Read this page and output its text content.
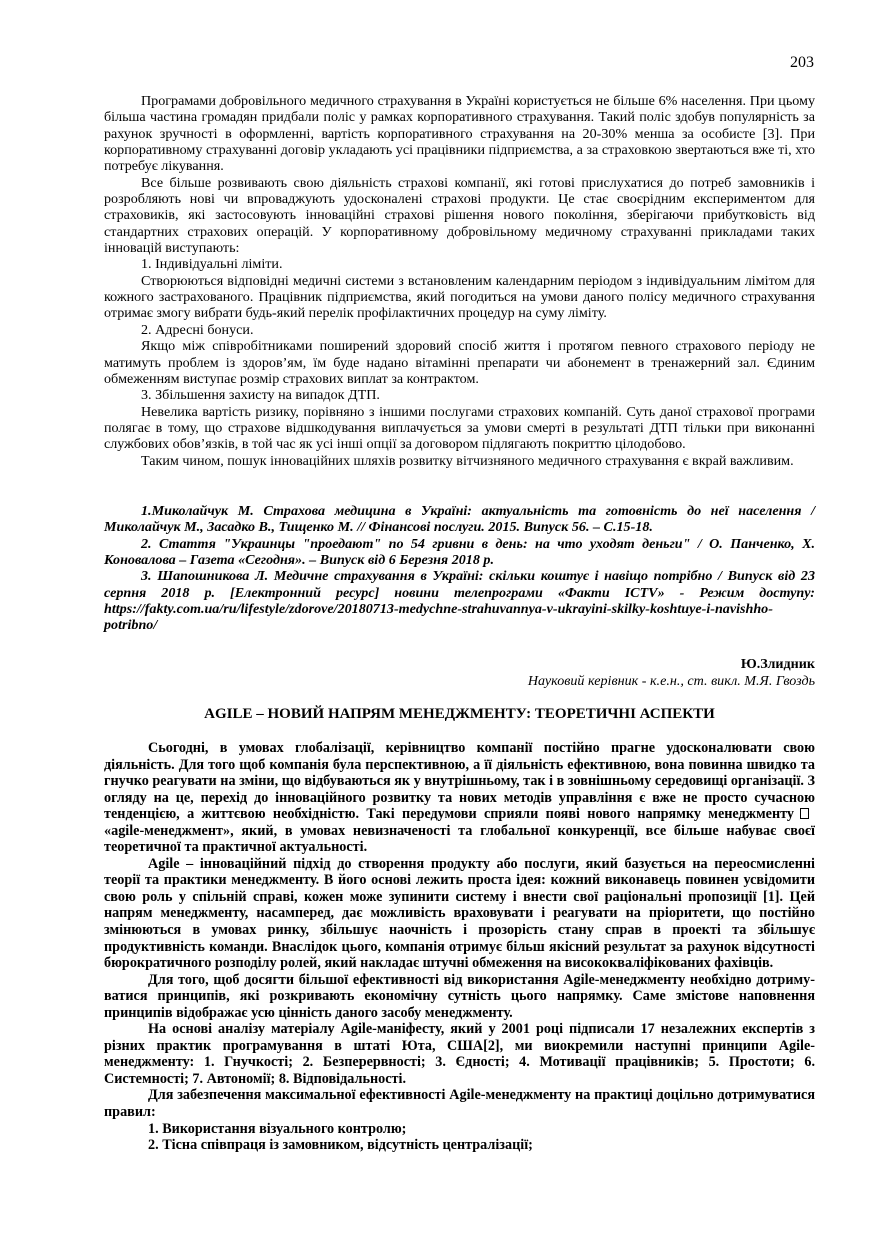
203

Програмами добровільного медичного страхування в Україні користується не більше 6% населення. При цьому більша частина громадян придбали поліс у рамках корпоративного страхування. Такий поліс здобув популярність за рахунок зручності в оформленні, вартість корпоративного страхування на 20-30% менша за особисте [3]. При корпоративному страхуванні договір укладають усі працівники підприємства, а за страховкою звертаються вже ті, хто потребує лікування.

Все більше розвивають свою діяльність страхові компанії, які готові прислухатися до потреб замовників і розробляють нові чи впроваджують удосконалені страхові продукти. Це стає своєрідним експериментом для страховиків, які застосовують інноваційні страхові рішення нового покоління, зберігаючи прибутковість від стандартних страхових операцій. У корпоративному добровільному медичному страхуванні прикладами таких інновацій виступають:

1. Індивідуальні ліміти.

Створюються відповідні медичні системи з встановленим календарним періодом з індивідуальним лімітом для кожного застрахованого. Працівник підприємства, який погодиться на умови даного полісу медичного страхування отримає змогу вибрати будь-який перелік профілактичних процедур на суму ліміту.

2. Адресні бонуси.

Якщо між співробітниками поширений здоровий спосіб життя і протягом певного страхового періоду не матимуть проблем із здоров’ям, їм буде надано вітамінні препарати чи абонемент в тренажерний зал. Єдиним обмеженням виступає розмір страхових виплат за контрактом.

3. Збільшення захисту на випадок ДТП.

Невелика вартість ризику, порівняно з іншими послугами страхових компаній. Суть даної страхової програми полягає в тому, що страхове відшкодування виплачується за умови смерті в результаті ДТП тільки при виконанні службових обов’язків, в той час як усі інші опції за договором підлягають покриттю цілодобово.

Таким чином, пошук інноваційних шляхів розвитку вітчизняного медичного страхування є вкрай важливим.

1.Миколайчук М. Страхова медицина в Україні: актуальність та готовність до неї населення / Миколайчук М., Засадко В., Тищенко М. // Фінансові послуги. 2015. Випуск 56. – С.15-18.

2. Стаття "Украинцы "проедают" по 54 гривни в день: на что уходят деньги" / О. Панченко, Х. Коновалова – Газета «Сегодня». – Випуск від 6 Березня 2018 р.

3. Шапошникова Л. Медичне страхування в Україні: скільки коштує і навіщо потрібно / Випуск від 23 серпня 2018 р. [Електронний ресурс] новини телепрограми «Факти ICTV» - Режим доступу: https://fakty.com.ua/ru/lifestyle/zdorove/20180713-medychne-strahuvannya-v-ukrayini-skilky-koshtuye-i-navishho-potribno/

Ю.Злидник
Науковий керівник - к.е.н., ст. викл. М.Я. Гвоздь
AGILE – НОВИЙ НАПРЯМ МЕНЕДЖМЕНТУ: ТЕОРЕТИЧНІ АСПЕКТИ

Сьогодні, в умовах глобалізації, керівництво компанії постійно прагне удосконалювати свою діяльність. Для того щоб компанія була перспективною, а її діяльність ефективною, вона повинна швидко та гнучко реагувати на зміни, що відбуваються як у внутрішньому, так і в зовнішньому середовищі організації. З огляду на це, перехід до інноваційного розвитку та нових методів управління є вже не просто сучасною тенденцією, а життєвою необхідністю. Такі передумови сприяли появі нового напрямку менеджменту«agile-менеджмент», який, в умовах невизначеності та глобальної конкуренції, все більше набуває своєї теоретичної та практичної актуальності.

Agile – інноваційний підхід до створення продукту або послуги, який базується на переосмисленні теорії та практики менеджменту. В його основі лежить проста ідея: кожний виконавець повинен усвідомити свою роль у спільній справі, кожен може зупинити систему і внести свої раціональні пропозиції [1]. Цей напрям менеджменту, насамперед, дає можливість враховувати і реагувати на пріоритети, що постійно змінюються в умовах ринку, збільшує наочність і прозорість стану справ в проекті та збільшує продуктивність команди. Внаслідок цього, компанія отримує більш якісний результат за рахунок відсутності бюрократичного розподілу ролей, який накладає штучні обмеження на висококваліфікованих фахівців.

Для того, щоб досягти більшої ефективності від використання Agile-менеджменту необхідно дотриму-ватися принципів, які розкривають економічну сутність цього напрямку. Саме змістове наповнення принципів відображає усю цінність даного засобу менеджменту.

На основі аналізу матеріалу Agile-маніфесту, який у 2001 році підписали 17 незалежних експертів з різних практик програмування в штаті Юта, США[2], ми виокремили наступні принципи Agile-менеджменту: 1. Гнучкості; 2. Безперервності; 3. Єдності; 4. Мотивації працівників; 5. Простоти; 6. Системності; 7. Автономії; 8. Відповідальності.

Для забезпечення максимальної ефективності Agile-менеджменту на практиці доцільно дотримуватися правил:

1. Використання візуального контролю;

2. Тісна співпраця із замовником, відсутність централізації;
